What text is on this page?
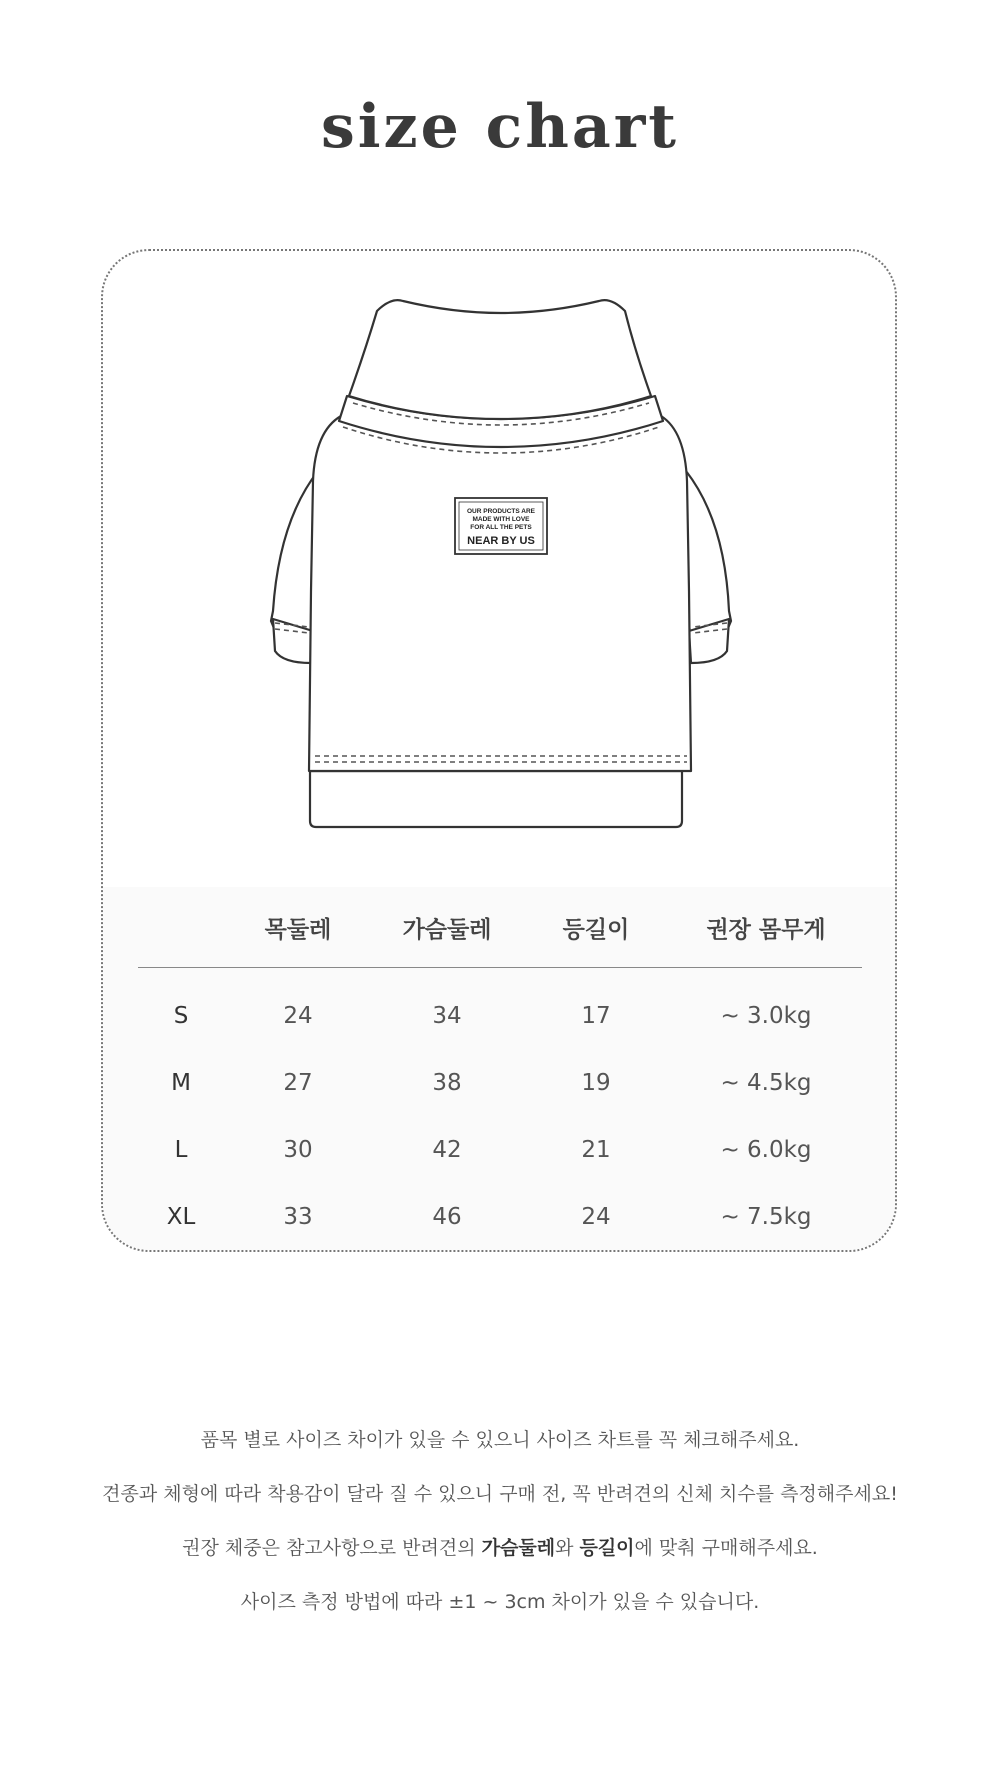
size chart
OUR PRODUCTS ARE
MADE WITH LOVE
FOR ALL THE PETS
NEAR BY US
	목둘레	가슴둘레	등길이	권장 몸무게
S	24	34	17	~ 3.0kg
M	27	38	19	~ 4.5kg
L	30	42	21	~ 6.0kg
XL	33	46	24	~ 7.5kg

품목 별로 사이즈 차이가 있을 수 있으니 사이즈 차트를 꼭 체크해주세요.

견종과 체형에 따라 착용감이 달라 질 수 있으니 구매 전, 꼭 반려견의 신체 치수를 측정해주세요!

권장 체중은 참고사항으로 반려견의 가슴둘레와 등길이에 맞춰 구매해주세요.

사이즈 측정 방법에 따라 ±1 ~ 3cm 차이가 있을 수 있습니다.
